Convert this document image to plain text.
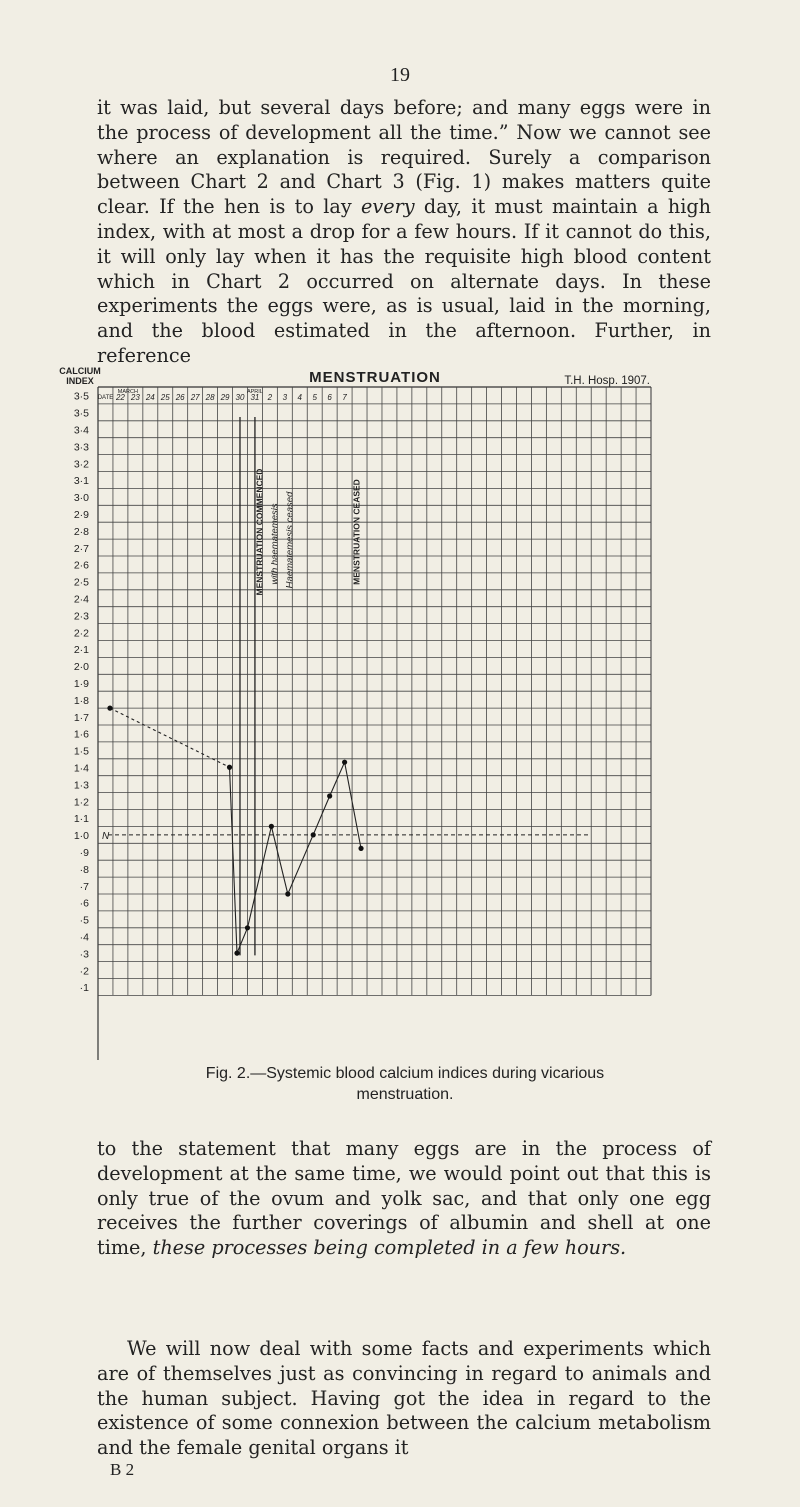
19

it was laid, but several days before; and many eggs were in the process of development all the time.” Now we cannot see where an explanation is required. Surely a comparison between Chart 2 and Chart 3 (Fig. 1) makes matters quite clear. If the hen is to lay every day, it must maintain a high index, with at most a drop for a few hours. If it cannot do this, it will only lay when it has the requisite high blood content which in Chart 2 occurred on alternate days. In these experiments the eggs were, as is usual, laid in the morning, and the blood estimated in the afternoon. Further, in reference

CALCIUM
INDEX	MENSTRUATION	T.H. Hosp. 1907.
3·5
3·5
3·4
3·3
3·2
3·1
3·0
2·9
2·8
2·7
2·6
2·5
2·4
2·3
2·2
2·1
2·0
1·9
1·8
1·7
1·6
1·5
1·4
1·3
1·2
1·1
1·0
·9
·8
·7
·6
·5
·4
·3
·2
·1
DATE
MARCH	APRIL
22 23 24 25 26 27 28 29 30 31 2 3 4 5 6 7
MENSTRUATION COMMENCED with haematemesis Haematemesis ceased	MENSTRUATION CEASED
N

Fig. 2.—Systemic blood calcium indices during vicarious
menstruation.

to the statement that many eggs are in the process of development at the same time, we would point out that this is only true of the ovum and yolk sac, and that only one egg receives the further coverings of albumin and shell at one time, these processes being completed in a few hours.

We will now deal with some facts and experiments which are of themselves just as convincing in regard to animals and the human subject. Having got the idea in regard to the existence of some connexion between the calcium metabolism and the female genital organs it

B 2
